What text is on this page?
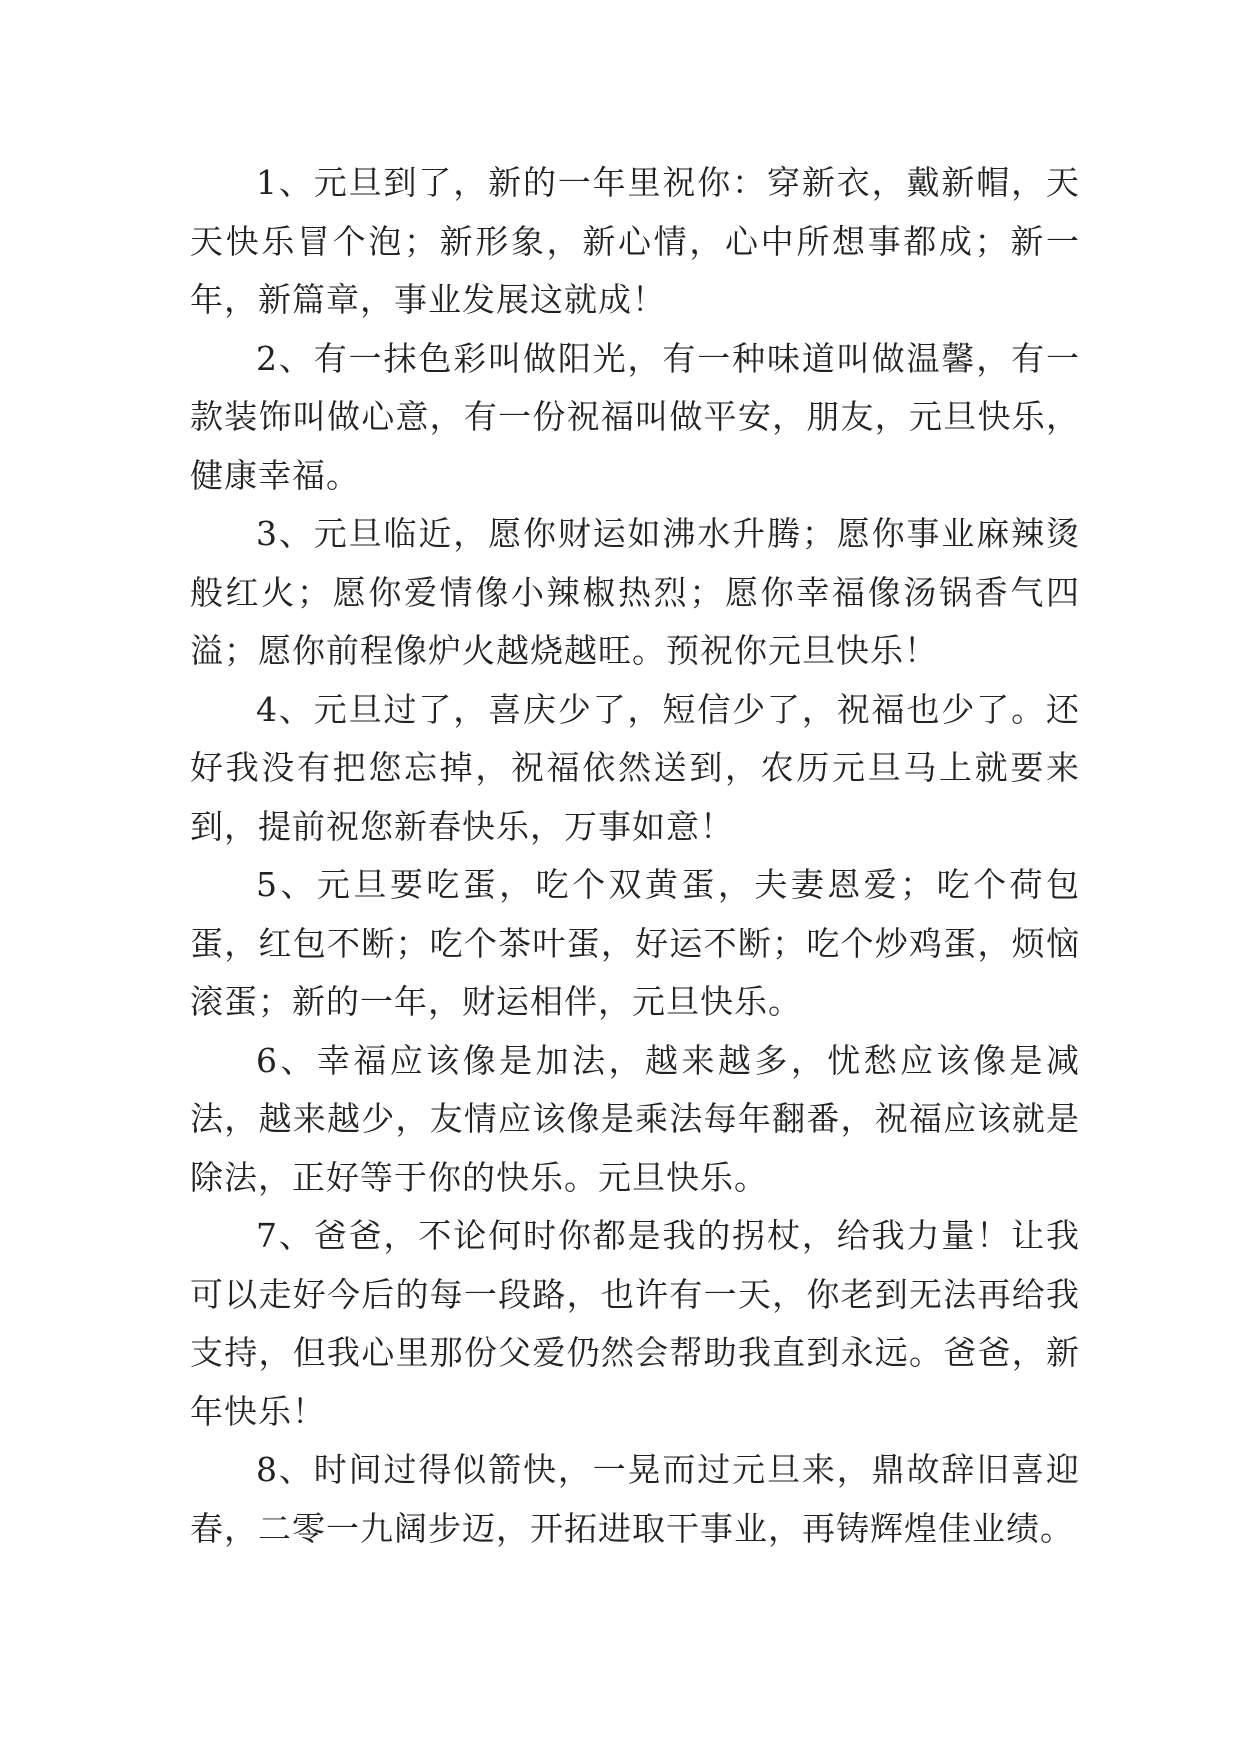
1、元旦到了，新的一年里祝你：穿新衣，戴新帽，天天快乐冒个泡；新形象，新心情，心中所想事都成；新一年，新篇章，事业发展这就成！

2、有一抹色彩叫做阳光，有一种味道叫做温馨，有一款装饰叫做心意，有一份祝福叫做平安，朋友，元旦快乐，健康幸福。

3、元旦临近，愿你财运如沸水升腾；愿你事业麻辣烫般红火；愿你爱情像小辣椒热烈；愿你幸福像汤锅香气四溢；愿你前程像炉火越烧越旺。预祝你元旦快乐！

4、元旦过了，喜庆少了，短信少了，祝福也少了。还好我没有把您忘掉，祝福依然送到，农历元旦马上就要来到，提前祝您新春快乐，万事如意！

5、元旦要吃蛋，吃个双黄蛋，夫妻恩爱；吃个荷包蛋，红包不断；吃个茶叶蛋，好运不断；吃个炒鸡蛋，烦恼滚蛋；新的一年，财运相伴，元旦快乐。

6、幸福应该像是加法，越来越多，忧愁应该像是减法，越来越少，友情应该像是乘法每年翻番，祝福应该就是除法，正好等于你的快乐。元旦快乐。

7、爸爸，不论何时你都是我的拐杖，给我力量！让我可以走好今后的每一段路，也许有一天，你老到无法再给我支持，但我心里那份父爱仍然会帮助我直到永远。爸爸，新年快乐！

8、时间过得似箭快，一晃而过元旦来，鼎故辞旧喜迎春，二零一九阔步迈，开拓进取干事业，再铸辉煌佳业绩。
